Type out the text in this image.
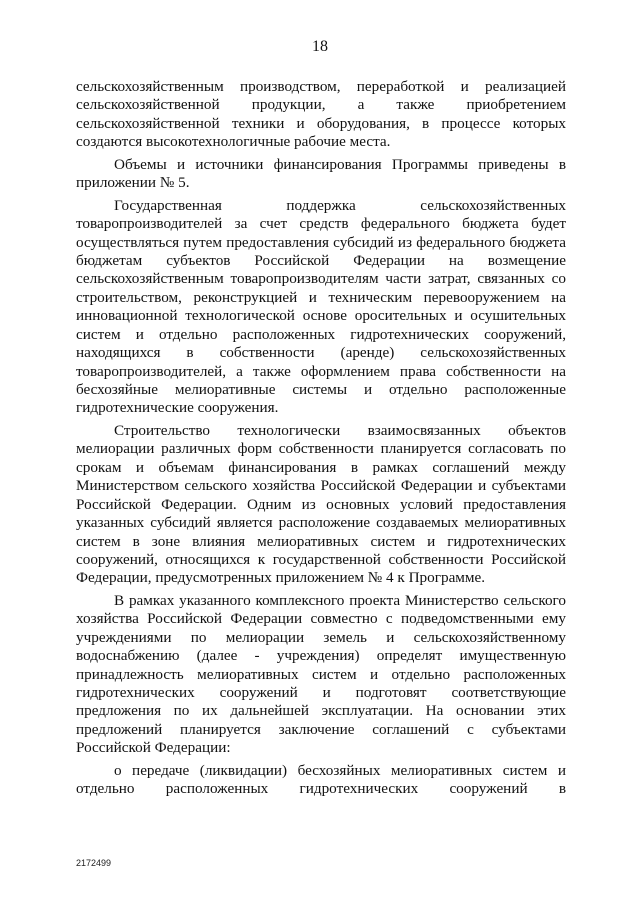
18
сельскохозяйственным производством, переработкой и реализацией
сельскохозяйственной продукции, а также приобретением
сельскохозяйственной техники и оборудования, в процессе которых
создаются высокотехнологичные рабочие места.
Объемы и источники финансирования Программы приведены в
приложении № 5.
Государственная поддержка сельскохозяйственных
товаропроизводителей за счет средств федерального бюджета будет
осуществляться путем предоставления субсидий из федерального бюджета
бюджетам субъектов Российской Федерации на возмещение
сельскохозяйственным товаропроизводителям части затрат, связанных со
строительством, реконструкцией и техническим перевооружением на
инновационной технологической основе оросительных и осушительных
систем и отдельно расположенных гидротехнических сооружений,
находящихся в собственности (аренде) сельскохозяйственных
товаропроизводителей, а также оформлением права собственности на
бесхозяйные мелиоративные системы и отдельно расположенные
гидротехнические сооружения.
Строительство технологически взаимосвязанных объектов
мелиорации различных форм собственности планируется согласовать по
срокам и объемам финансирования в рамках соглашений между
Министерством сельского хозяйства Российской Федерации и субъектами
Российской Федерации. Одним из основных условий предоставления
указанных субсидий является расположение создаваемых мелиоративных
систем в зоне влияния мелиоративных систем и гидротехнических
сооружений, относящихся к государственной собственности Российской
Федерации, предусмотренных приложением № 4 к Программе.
В рамках указанного комплексного проекта Министерство сельского
хозяйства Российской Федерации совместно с подведомственными ему
учреждениями по мелиорации земель и сельскохозяйственному
водоснабжению (далее - учреждения) определят имущественную
принадлежность мелиоративных систем и отдельно расположенных
гидротехнических сооружений и подготовят соответствующие
предложения по их дальнейшей эксплуатации. На основании этих
предложений планируется заключение соглашений с субъектами
Российской Федерации:
о передаче (ликвидации) бесхозяйных мелиоративных систем и
отдельно расположенных гидротехнических сооружений в
2172499
